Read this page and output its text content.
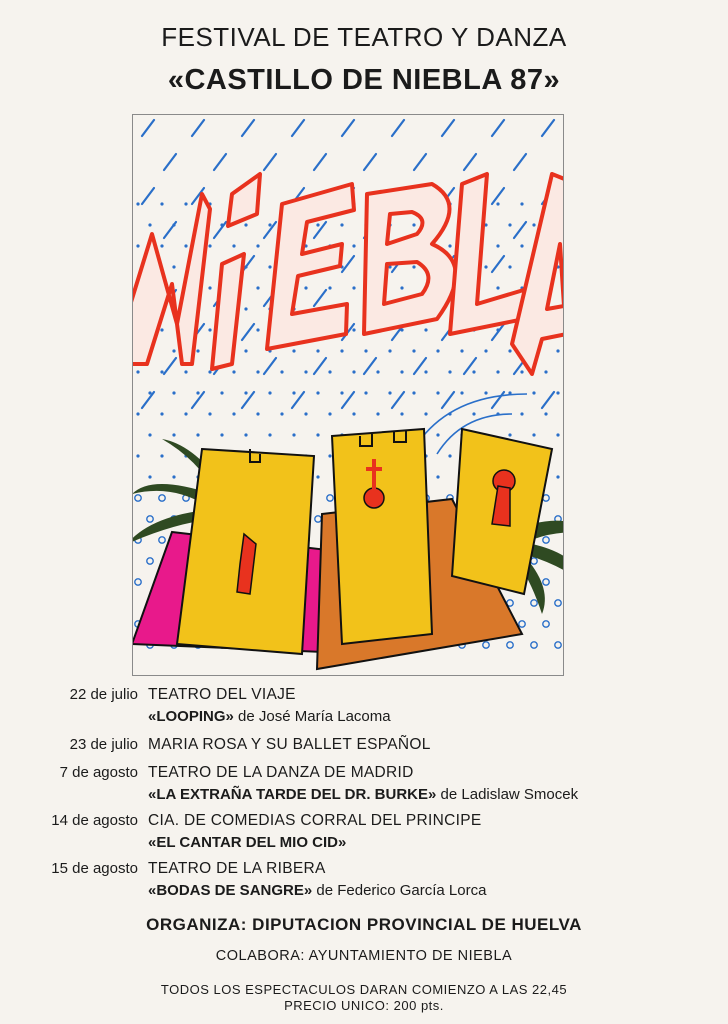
FESTIVAL DE TEATRO Y DANZA
«CASTILLO DE NIEBLA 87»
22 de julio TEATRO DEL VIAJE
«LOOPING» de José María Lacoma
23 de julio MARIA ROSA Y SU BALLET ESPAÑOL
7 de agosto TEATRO DE LA DANZA DE MADRID
«LA EXTRAÑA TARDE DEL DR. BURKE» de Ladislaw Smocek
14 de agosto CIA. DE COMEDIAS CORRAL DEL PRINCIPE
«EL CANTAR DEL MIO CID»
15 de agosto TEATRO DE LA RIBERA
«BODAS DE SANGRE» de Federico García Lorca
ORGANIZA: DIPUTACION PROVINCIAL DE HUELVA
COLABORA: AYUNTAMIENTO DE NIEBLA
TODOS LOS ESPECTACULOS DARAN COMIENZO A LAS 22,45
PRECIO UNICO: 200 pts.
